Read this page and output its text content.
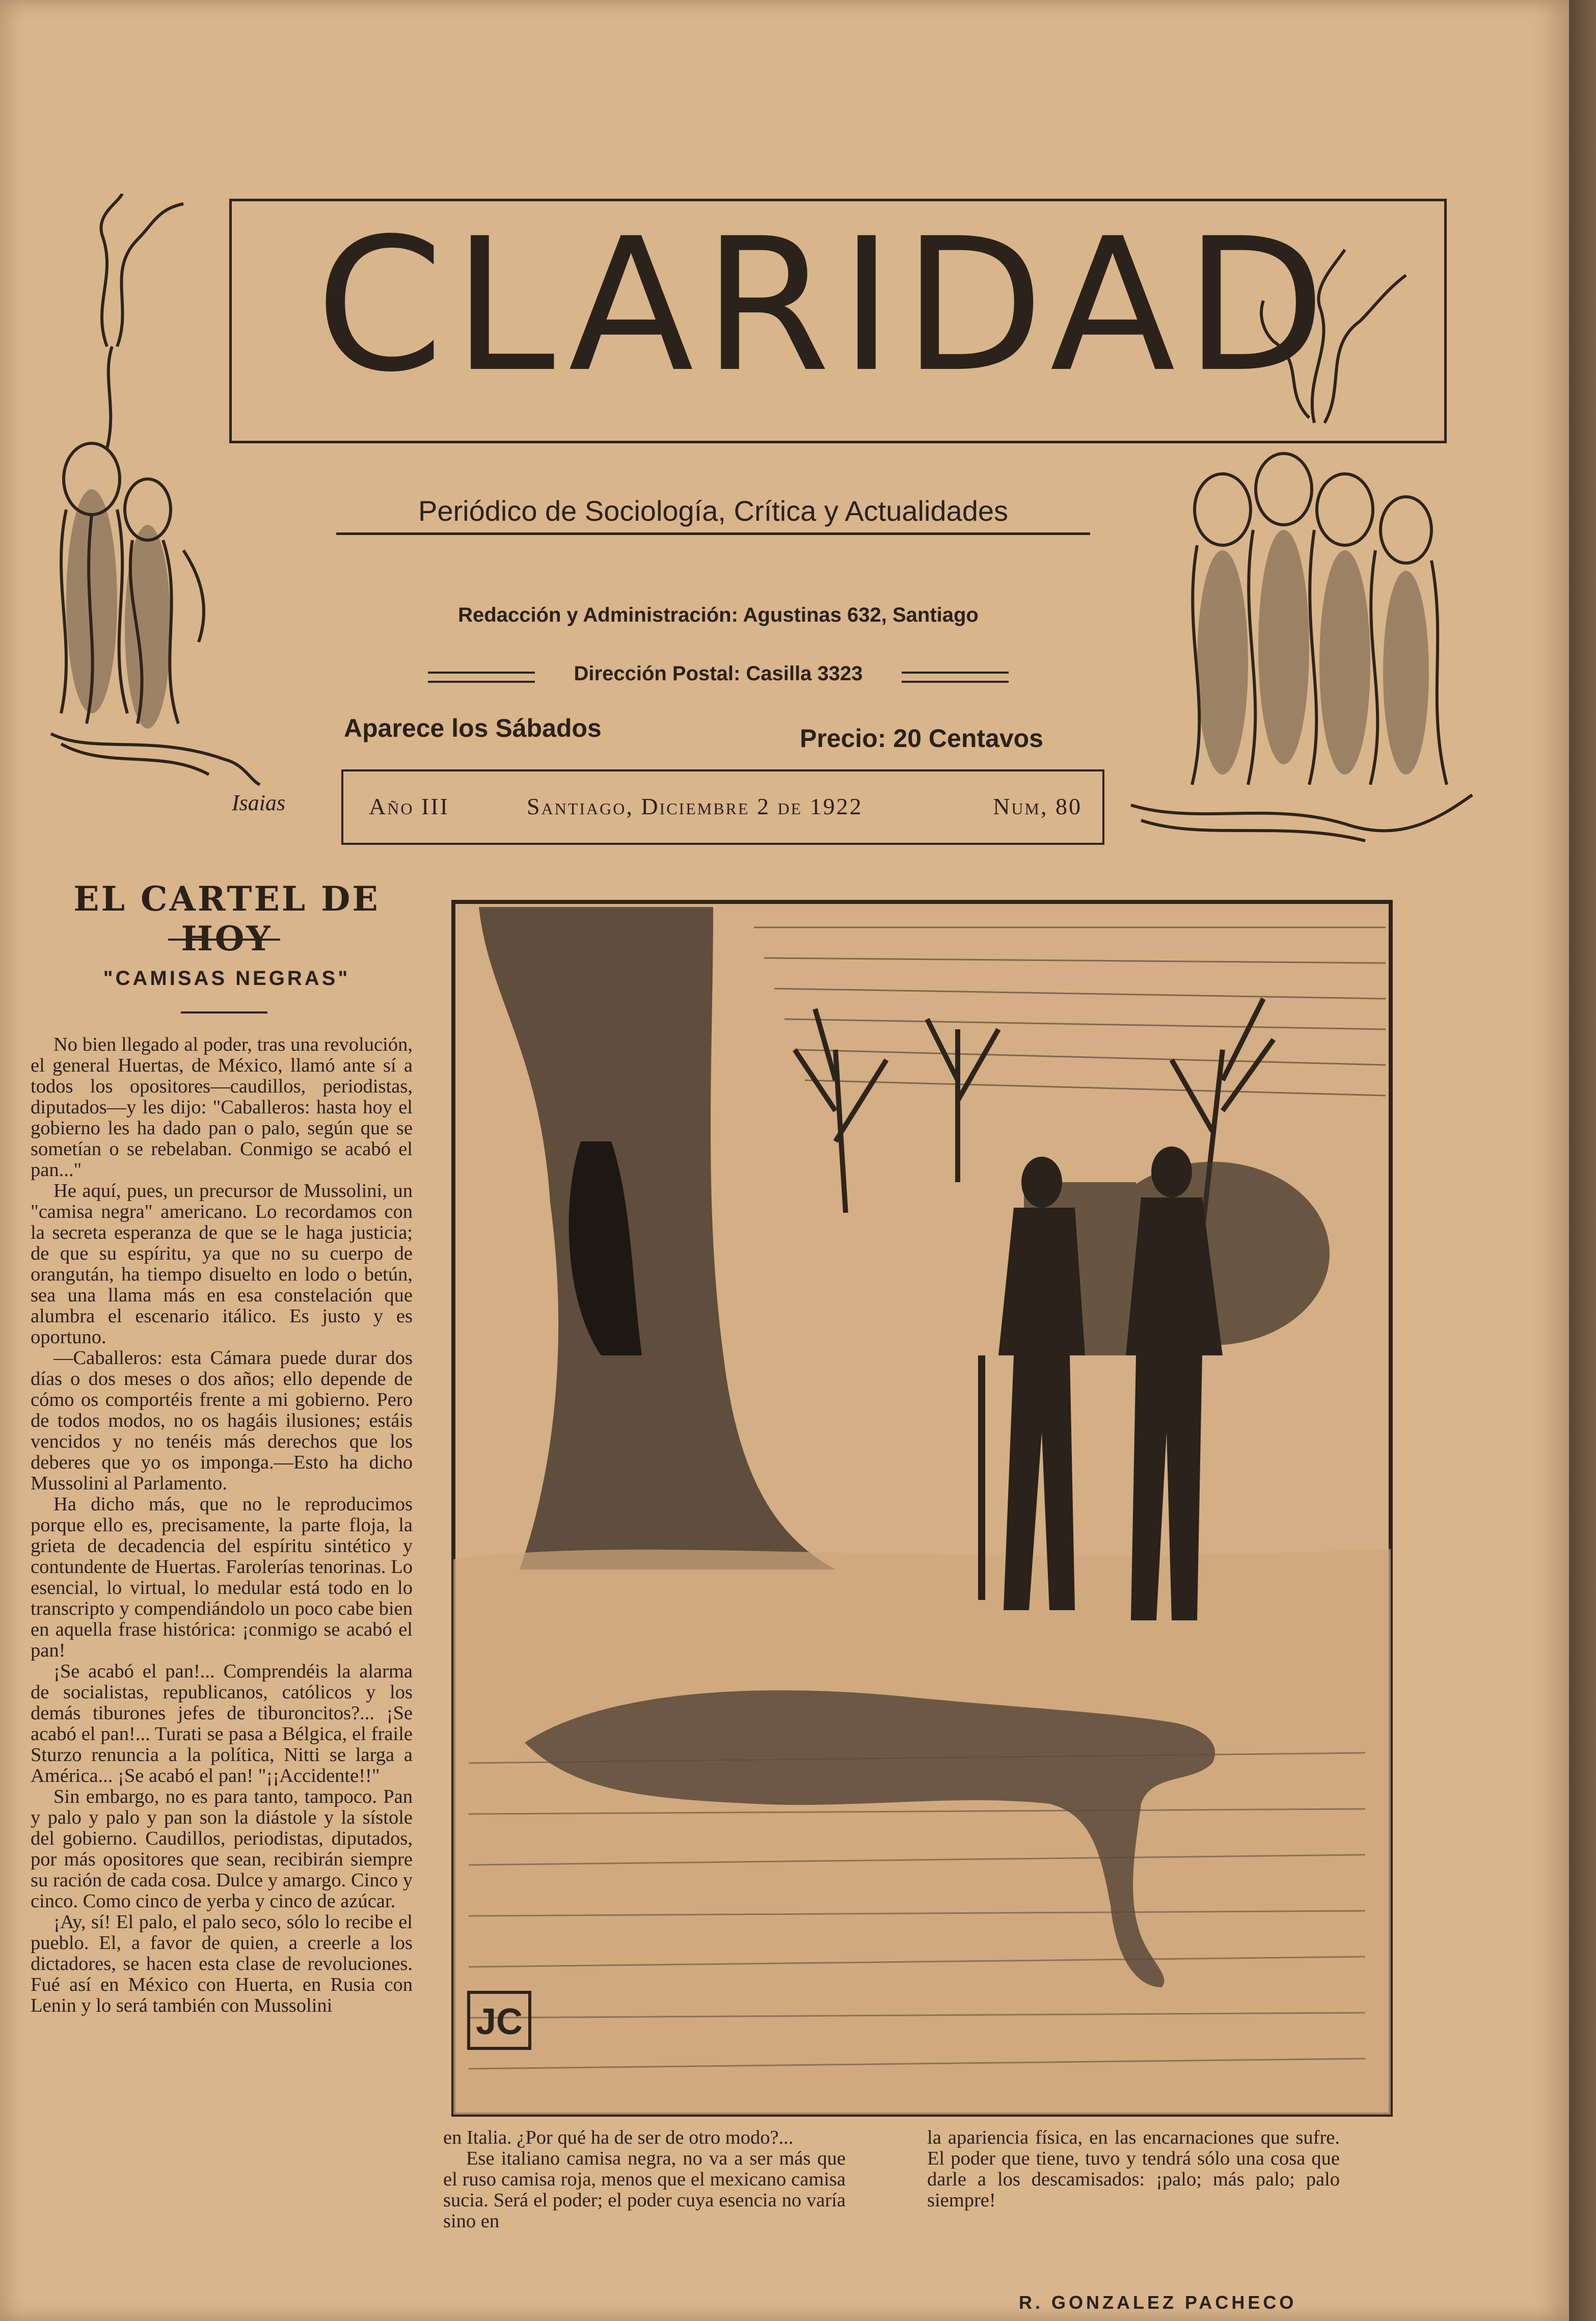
CLARIDAD
Periódico de Sociología, Crítica y Actualidades
Redacción y Administración: Agustinas 632, Santiago
Dirección Postal: Casilla 3323
Aparece los Sábados	Precio: 20 Centavos
Isaias	Año III	Santiago, Diciembre 2 de 1922	Num, 80
EL CARTEL DE HOY
"CAMISAS NEGRAS"

No bien llegado al poder, tras una revolución, el general Huertas, de México, llamó ante sí a todos los opositores—caudillos, periodistas, diputados—y les dijo: "Caballeros: hasta hoy el gobierno les ha dado pan o palo, según que se sometían o se rebelaban. Conmigo se acabó el pan..."

He aquí, pues, un precursor de Mussolini, un "camisa negra" americano. Lo recordamos con la secreta esperanza de que se le haga justicia; de que su espíritu, ya que no su cuerpo de orangután, ha tiempo disuelto en lodo o betún, sea una llama más en esa constelación que alumbra el escenario itálico. Es justo y es oportuno.

—Caballeros: esta Cámara puede durar dos días o dos meses o dos años; ello depende de cómo os comportéis frente a mi gobierno. Pero de todos modos, no os hagáis ilusiones; estáis vencidos y no tenéis más derechos que los deberes que yo os imponga.—Esto ha dicho Mussolini al Parlamento.

Ha dicho más, que no le reproducimos porque ello es, precisamente, la parte floja, la grieta de decadencia del espíritu sintético y contundente de Huertas. Farolerías tenorinas. Lo esencial, lo virtual, lo medular está todo en lo transcripto y compendiándolo un poco cabe bien en aquella frase histórica: ¡conmigo se acabó el pan!

¡Se acabó el pan!... Comprendéis la alarma de socialistas, republicanos, católicos y los demás tiburones jefes de tiburoncitos?... ¡Se acabó el pan!... Turati se pasa a Bélgica, el fraile Sturzo renuncia a la política, Nitti se larga a América... ¡Se acabó el pan! "¡¡Accidente!!"

Sin embargo, no es para tanto, tampoco. Pan y palo y palo y pan son la diástole y la sístole del gobierno. Caudillos, periodistas, diputados, por más opositores que sean, recibirán siempre su ración de cada cosa. Dulce y amargo. Cinco y cinco. Como cinco de yerba y cinco de azúcar.

¡Ay, sí! El palo, el palo seco, sólo lo recibe el pueblo. El, a favor de quien, a creerle a los dictadores, se hacen esta clase de revoluciones. Fué así en México con Huerta, en Rusia con Lenin y lo será también con Mussolini	JC

en Italia. ¿Por qué ha de ser de otro modo?...

Ese italiano camisa negra, no va a ser más que el ruso camisa roja, menos que el mexicano camisa sucia. Será el poder; el poder cuya esencia no varía sino en

la apariencia física, en las encarnaciones que sufre. El poder que tiene, tuvo y tendrá sólo una cosa que darle a los descamisados: ¡palo; más palo; palo siempre!

R. GONZALEZ PACHECO
